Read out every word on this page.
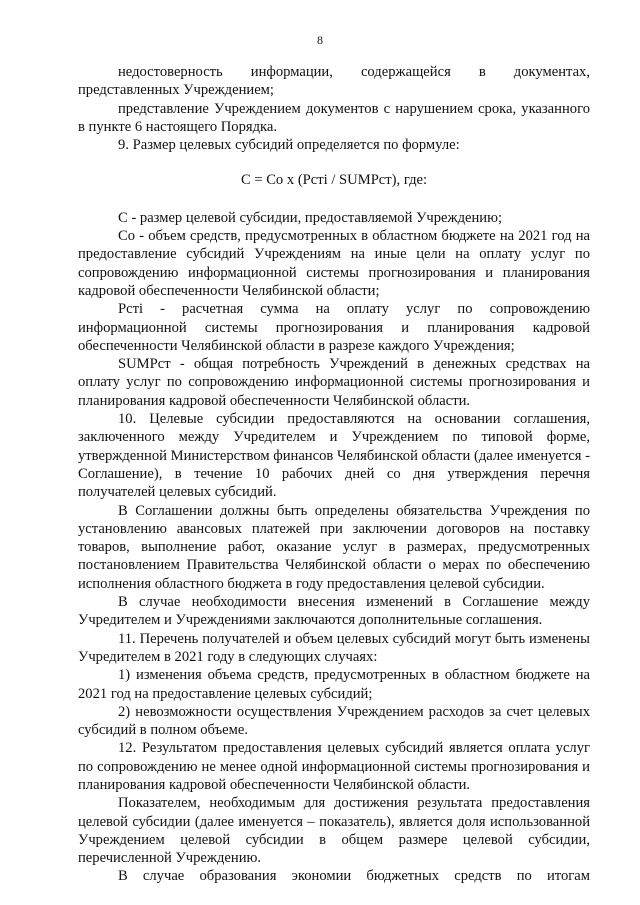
8

недостоверность информации, содержащейся в документах, представленных Учреждением;

представление Учреждением документов с нарушением срока, указанного в пункте 6 настоящего Порядка.

9. Размер целевых субсидий определяется по формуле:

С = Со x (Рсті / SUMPст), где:

С - размер целевой субсидии, предоставляемой Учреждению;

Со - объем средств, предусмотренных в областном бюджете на 2021 год на предоставление субсидий Учреждениям на иные цели на оплату услуг по сопровождению информационной системы прогнозирования и планирования кадровой обеспеченности Челябинской области;

Рсті - расчетная сумма на оплату услуг по сопровождению информационной системы прогнозирования и планирования кадровой обеспеченности Челябинской области в разрезе каждого Учреждения;

SUMPст - общая потребность Учреждений в денежных средствах на оплату услуг по сопровождению информационной системы прогнозирования и планирования кадровой обеспеченности Челябинской области.

10. Целевые субсидии предоставляются на основании соглашения, заключенного между Учредителем и Учреждением по типовой форме, утвержденной Министерством финансов Челябинской области (далее именуется - Соглашение), в течение 10 рабочих дней со дня утверждения перечня получателей целевых субсидий.

В Соглашении должны быть определены обязательства Учреждения по установлению авансовых платежей при заключении договоров на поставку товаров, выполнение работ, оказание услуг в размерах, предусмотренных постановлением Правительства Челябинской области о мерах по обеспечению исполнения областного бюджета в году предоставления целевой субсидии.

В случае необходимости внесения изменений в Соглашение между Учредителем и Учреждениями заключаются дополнительные соглашения.

11. Перечень получателей и объем целевых субсидий могут быть изменены Учредителем в 2021 году в следующих случаях:

1) изменения объема средств, предусмотренных в областном бюджете на 2021 год на предоставление целевых субсидий;

2) невозможности осуществления Учреждением расходов за счет целевых субсидий в полном объеме.

12. Результатом предоставления целевых субсидий является оплата услуг по сопровождению не менее одной информационной системы прогнозирования и планирования кадровой обеспеченности Челябинской области.

Показателем, необходимым для достижения результата предоставления целевой субсидии (далее именуется – показатель), является доля использованной Учреждением целевой субсидии в общем размере целевой субсидии, перечисленной Учреждению.

В случае образования экономии бюджетных средств по итогам
